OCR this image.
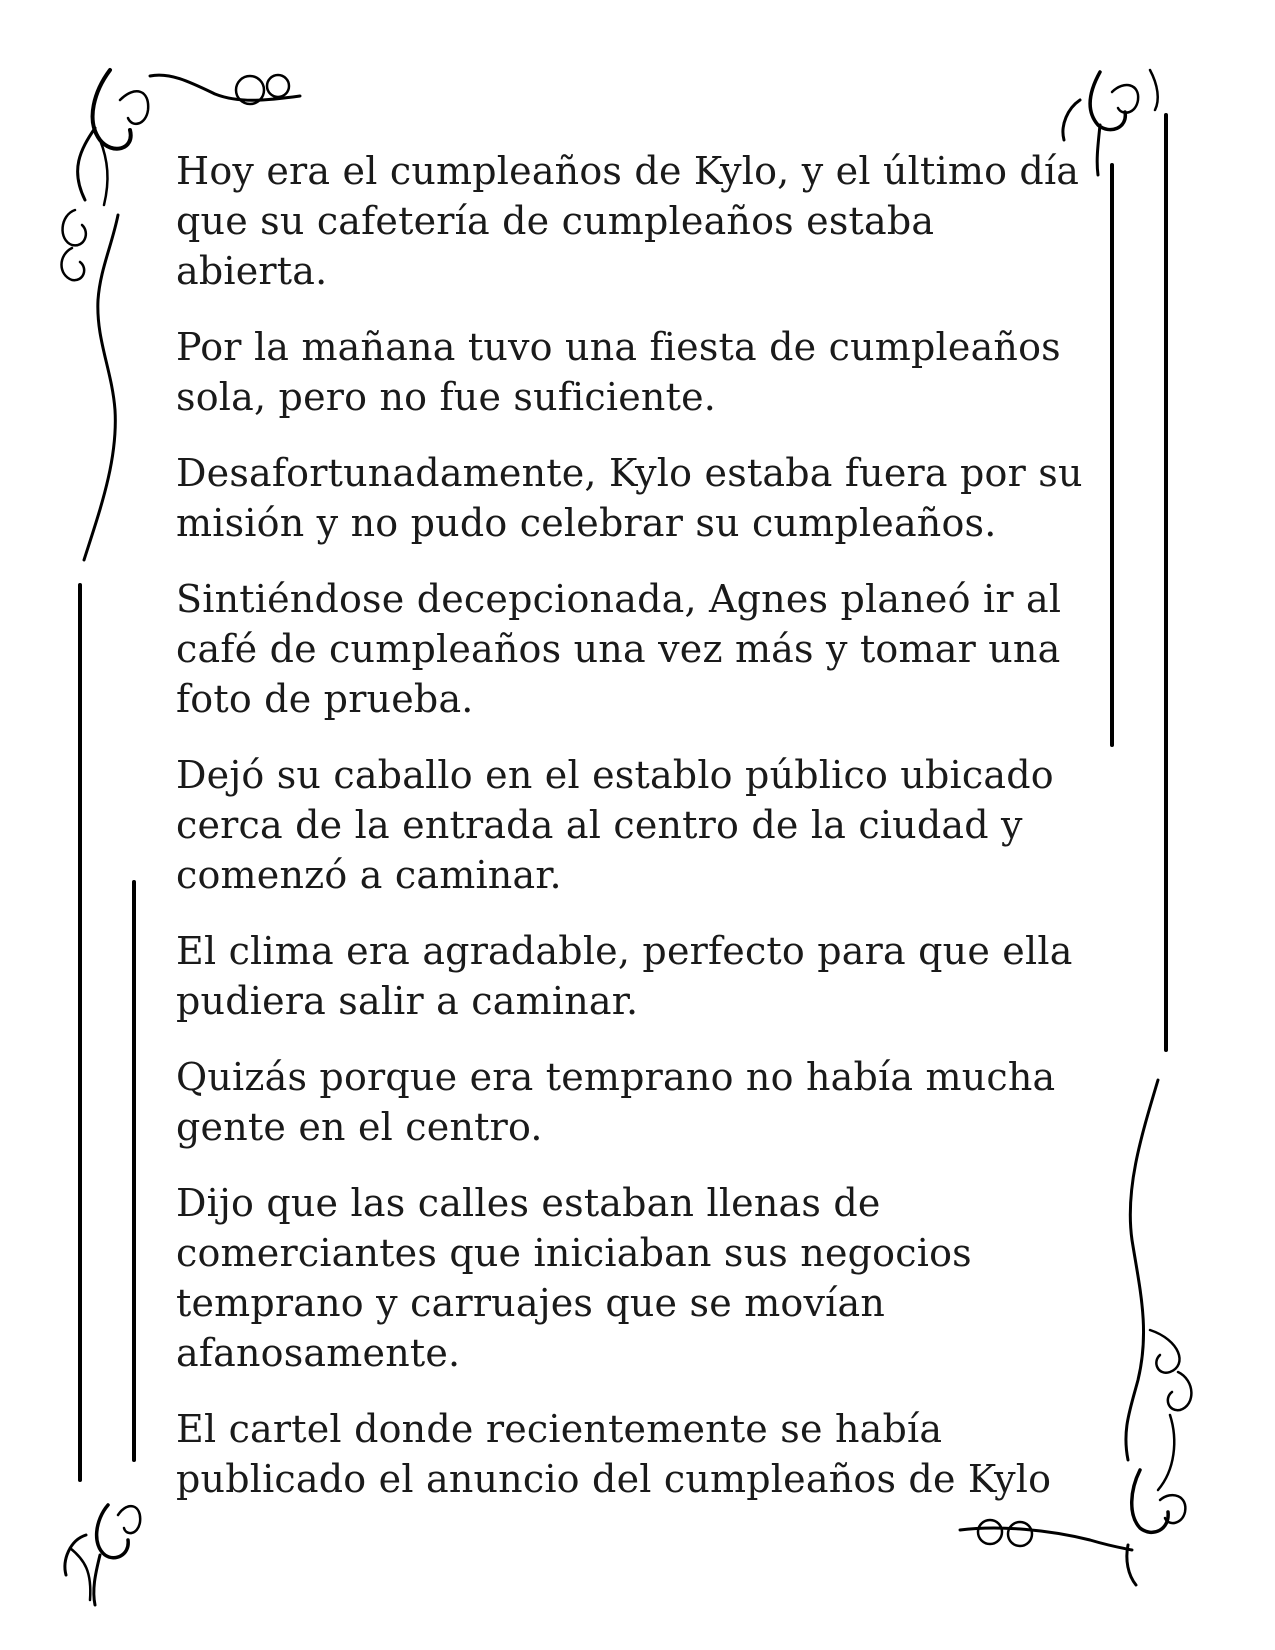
Hoy era el cumpleaños de Kylo, y el último día que su cafetería de cumpleaños estaba abierta.

Por la mañana tuvo una fiesta de cumpleaños sola, pero no fue suficiente.

Desafortunadamente, Kylo estaba fuera por su misión y no pudo celebrar su cumpleaños.

Sintiéndose decepcionada, Agnes planeó ir al café de cumpleaños una vez más y tomar una foto de prueba.

Dejó su caballo en el establo público ubicado cerca de la entrada al centro de la ciudad y comenzó a caminar.

El clima era agradable, perfecto para que ella pudiera salir a caminar.

Quizás porque era temprano no había mucha gente en el centro.

Dijo que las calles estaban llenas de comerciantes que iniciaban sus negocios temprano y carruajes que se movían afanosamente.

El cartel donde recientemente se había publicado el anuncio del cumpleaños de Kylo
